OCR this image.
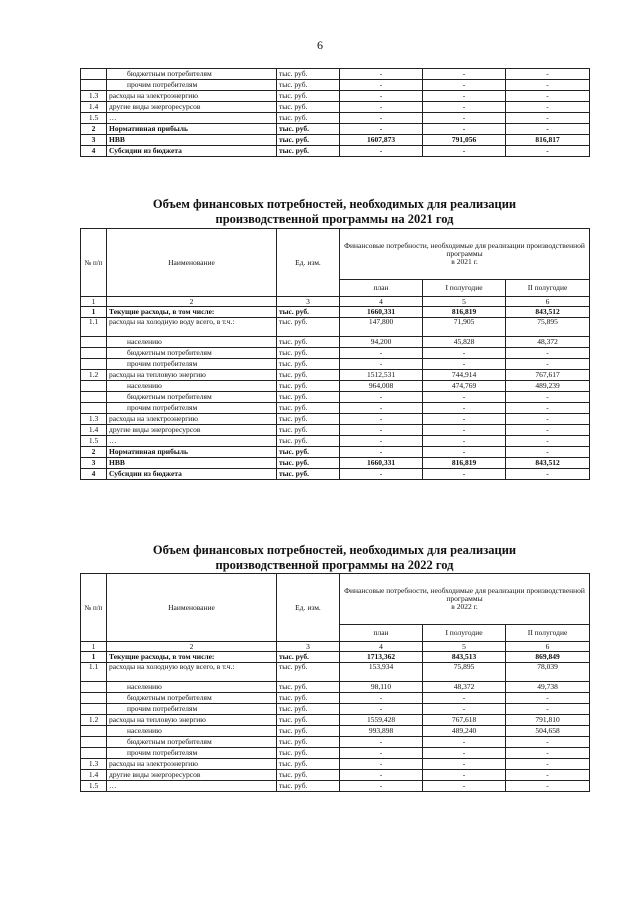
6
	бюджетным потребителям	тыс. руб.	-	-	-
	прочим потребителям	тыс. руб.	-	-	-
1.3	расходы на электроэнергию	тыс. руб.	-	-	-
1.4	другие виды энергоресурсов	тыс. руб.	-	-	-
1.5	…	тыс. руб.	-	-	-
2	Нормативная прибыль	тыс. руб.	-	-	-
3	НВВ	тыс. руб.	1607,873	791,056	816,817
4	Субсидии из бюджета	тыс. руб.	-	-	-
Объем финансовых потребностей, необходимых для реализации
производственной программы на 2021 год
№ п/п	Наименование	Ед. изм.	Финансовые потребности, необходимые для реализации производственной программы
в 2021 г.		
			план	I полугодие	II полугодие
1	2	3	4	5	6
1	Текущие расходы, в том числе:	тыс. руб.	1660,331	816,819	843,512
1.1	расходы на холодную воду всего, в т.ч.:	тыс. руб.	147,800	71,905	75,895
	населению	тыс. руб.	94,200	45,828	48,372
	бюджетным потребителям	тыс. руб.	-	-	-
	прочим потребителям	тыс. руб.	-	-	-
1.2	расходы на тепловую энергию	тыс. руб.	1512,531	744,914	767,617
	населению	тыс. руб.	964,008	474,769	489,239
	бюджетным потребителям	тыс. руб.	-	-	-
	прочим потребителям	тыс. руб.	-	-	-
1.3	расходы на электроэнергию	тыс. руб.	-	-	-
1.4	другие виды энергоресурсов	тыс. руб.	-	-	-
1.5	…	тыс. руб.	-	-	-
2	Нормативная прибыль	тыс. руб.	-	-	-
3	НВВ	тыс. руб.	1660,331	816,819	843,512
4	Субсидии из бюджета	тыс. руб.	-	-	-
Объем финансовых потребностей, необходимых для реализации
производственной программы на 2022 год
№ п/п	Наименование	Ед. изм.	Финансовые потребности, необходимые для реализации производственной программы
в 2022 г.		
			план	I полугодие	II полугодие
1	2	3	4	5	6
1	Текущие расходы, в том числе:	тыс. руб.	1713,362	843,513	869,849
1.1	расходы на холодную воду всего, в т.ч.:	тыс. руб.	153,934	75,895	78,039
	населению	тыс. руб.	98,110	48,372	49,738
	бюджетным потребителям	тыс. руб.	-	-	-
	прочим потребителям	тыс. руб.	-	-	-
1.2	расходы на тепловую энергию	тыс. руб.	1559,428	767,618	791,810
	населению	тыс. руб.	993,898	489,240	504,658
	бюджетным потребителям	тыс. руб.	-	-	-
	прочим потребителям	тыс. руб.	-	-	-
1.3	расходы на электроэнергию	тыс. руб.	-	-	-
1.4	другие виды энергоресурсов	тыс. руб.	-	-	-
1.5	…	тыс. руб.	-	-	-
